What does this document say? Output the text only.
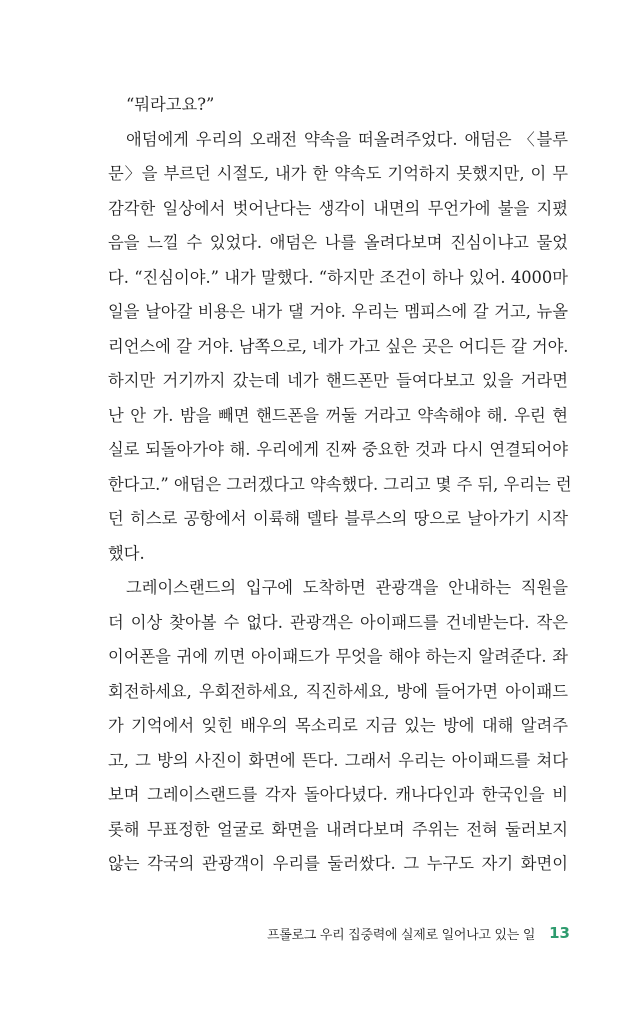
“뭐라고요?”
애덤에게 우리의 오래전 약속을 떠올려주었다. 애덤은 〈블루
문〉을 부르던 시절도, 내가 한 약속도 기억하지 못했지만, 이 무
감각한 일상에서 벗어난다는 생각이 내면의 무언가에 불을 지폈
음을 느낄 수 있었다. 애덤은 나를 올려다보며 진심이냐고 물었
다. “진심이야.” 내가 말했다. “하지만 조건이 하나 있어. 4000마
일을 날아갈 비용은 내가 댈 거야. 우리는 멤피스에 갈 거고, 뉴올
리언스에 갈 거야. 남쪽으로, 네가 가고 싶은 곳은 어디든 갈 거야.
하지만 거기까지 갔는데 네가 핸드폰만 들여다보고 있을 거라면
난 안 가. 밤을 빼면 핸드폰을 꺼둘 거라고 약속해야 해. 우린 현
실로 되돌아가야 해. 우리에게 진짜 중요한 것과 다시 연결되어야
한다고.” 애덤은 그러겠다고 약속했다. 그리고 몇 주 뒤, 우리는 런
던 히스로 공항에서 이륙해 델타 블루스의 땅으로 날아가기 시작
했다.
그레이스랜드의 입구에 도착하면 관광객을 안내하는 직원을
더 이상 찾아볼 수 없다. 관광객은 아이패드를 건네받는다. 작은
이어폰을 귀에 끼면 아이패드가 무엇을 해야 하는지 알려준다. 좌
회전하세요, 우회전하세요, 직진하세요, 방에 들어가면 아이패드
가 기억에서 잊힌 배우의 목소리로 지금 있는 방에 대해 알려주
고, 그 방의 사진이 화면에 뜬다. 그래서 우리는 아이패드를 쳐다
보며 그레이스랜드를 각자 돌아다녔다. 캐나다인과 한국인을 비
롯해 무표정한 얼굴로 화면을 내려다보며 주위는 전혀 둘러보지
않는 각국의 관광객이 우리를 둘러쌌다. 그 누구도 자기 화면이
프롤로그 우리 집중력에 실제로 일어나고 있는 일 13
